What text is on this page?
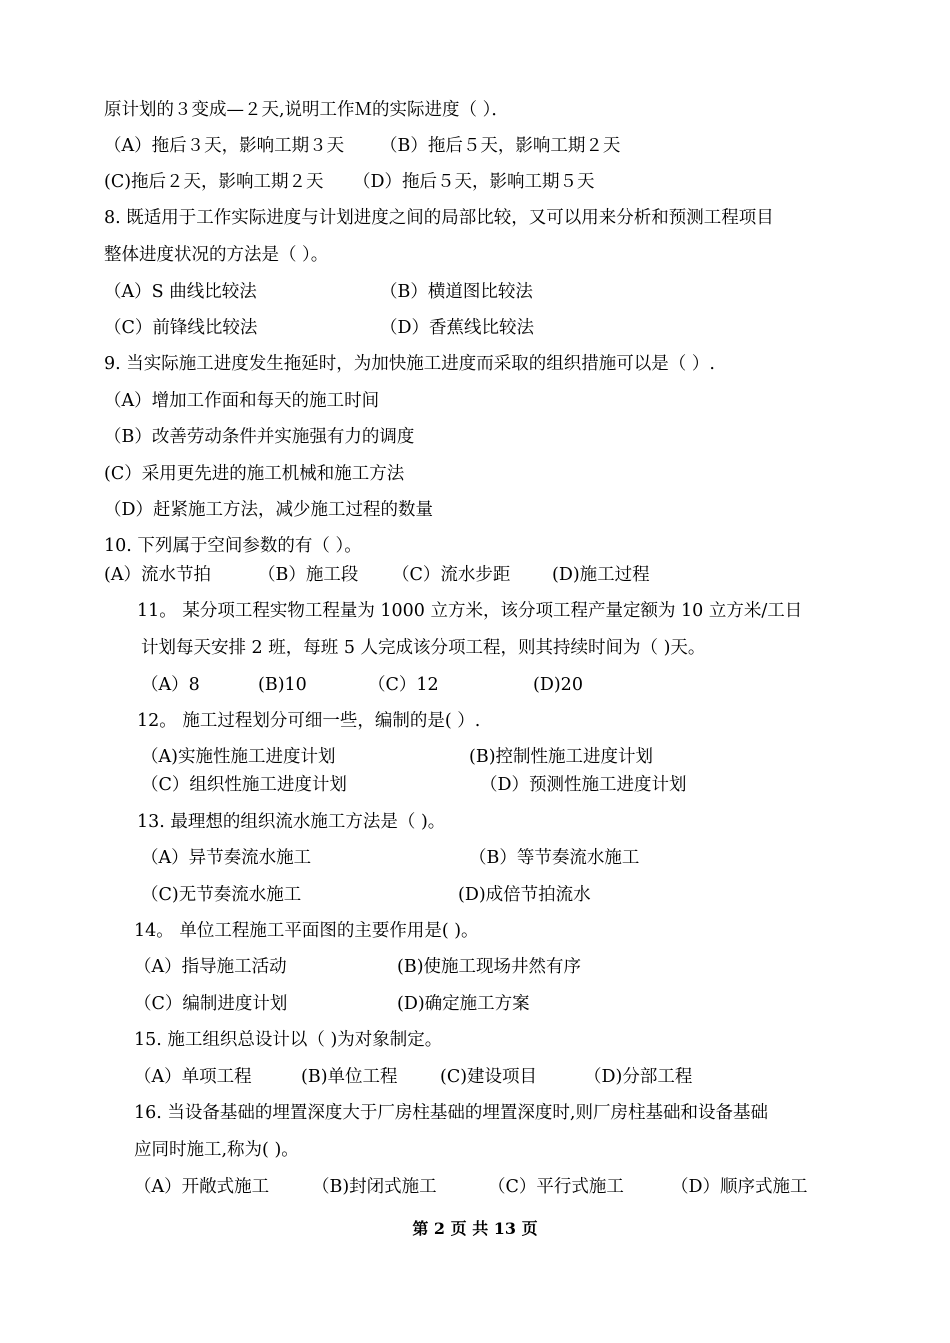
原计划的３变成—２天,说明工作Ｍ的实际进度（ ）．
（A）拖后３天，影响工期３天 （B）拖后５天，影响工期２天
(C)拖后２天，影响工期２天 （D）拖后５天，影响工期５天
8. 既适用于工作实际进度与计划进度之间的局部比较，又可以用来分析和预测工程项目
整体进度状况的方法是（ ）。
（A）S 曲线比较法	（B）横道图比较法
（C）前锋线比较法	（D）香蕉线比较法
9. 当实际施工进度发生拖延时，为加快施工进度而采取的组织措施可以是（ ）.
（A）增加工作面和每天的施工时间
（B）改善劳动条件并实施强有力的调度
(C）采用更先进的施工机械和施工方法
（D）赶紧施工方法，减少施工过程的数量
10. 下列属于空间参数的有（ ）。
(A）流水节拍	（B）施工段 （C）流水步距 (D)施工过程
11。 某分项工程实物工程量为 1000 立方米，该分项工程产量定额为 10 立方米/工日
计划每天安排 2 班，每班 5 人完成该分项工程，则其持续时间为（ )天。
（A）8	(B)10	（C）12	(D)20
12。 施工过程划分可细一些，编制的是( ）.
（A)实施性施工进度计划	(B)控制性施工进度计划
（C）组织性施工进度计划	（D）预测性施工进度计划
13. 最理想的组织流水施工方法是（ )。
（A）异节奏流水施工	（B）等节奏流水施工
（C)无节奏流水施工	(D)成倍节拍流水
14。 单位工程施工平面图的主要作用是( )。
（A）指导施工活动	(B)使施工现场井然有序
（C）编制进度计划	(D)确定施工方案
15. 施工组织总设计以（ )为对象制定。
（A）单项工程	(B)单位工程 (C)建设项目	（D)分部工程
16. 当设备基础的埋置深度大于厂房柱基础的埋置深度时,则厂房柱基础和设备基础
应同时施工,称为( )。
（A）开敞式施工 （B)封闭式施工	（C）平行式施工	（D）顺序式施工
第 2 页 共 13 页
